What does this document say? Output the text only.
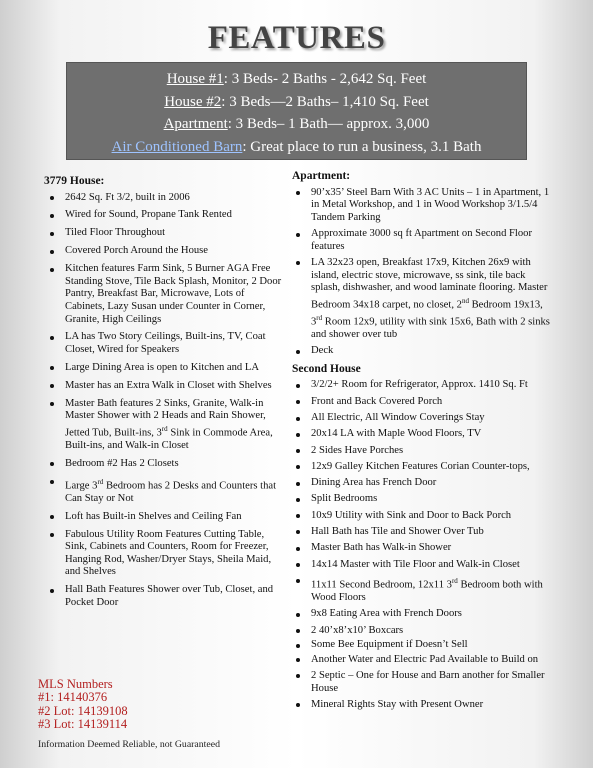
FEATURES
House #1: 3 Beds- 2 Baths - 2,642 Sq. Feet
House #2: 3 Beds—2 Baths– 1,410 Sq. Feet
Apartment: 3 Beds– 1 Bath— approx. 3,000
Air Conditioned Barn: Great place to run a business, 3.1 Bath
3779 House:
2642 Sq. Ft 3/2, built in 2006
Wired for Sound, Propane Tank Rented
Tiled Floor Throughout
Covered Porch Around the House
Kitchen features Farm Sink, 5 Burner AGA Free Standing Stove, Tile Back Splash, Monitor, 2 Door Pantry, Breakfast Bar, Microwave, Lots of Cabinets, Lazy Susan under Counter in Corner, Granite, High Ceilings
LA has Two Story Ceilings, Built-ins, TV, Coat Closet, Wired for Speakers
Large Dining Area is open to Kitchen and LA
Master has an Extra Walk in Closet with Shelves
Master Bath features 2 Sinks, Granite, Walk-in Master Shower with 2 Heads and Rain Shower, Jetted Tub, Built-ins, 3rd Sink in Commode Area, Built-ins, and Walk-in Closet
Bedroom #2 Has 2 Closets
Large 3rd Bedroom has 2 Desks and Counters that Can Stay or Not
Loft has Built-in Shelves and Ceiling Fan
Fabulous Utility Room Features Cutting Table, Sink, Cabinets and Counters, Room for Freezer, Hanging Rod, Washer/Dryer Stays, Sheila Maid, and Shelves
Hall Bath Features Shower over Tub, Closet, and Pocket Door
Apartment:
90’x35’ Steel Barn With 3 AC Units – 1 in Apartment, 1 in Metal Workshop, and 1 in Wood Workshop 3/1.5/4 Tandem Parking
Approximate 3000 sq ft Apartment on Second Floor features
LA 32x23 open, Breakfast 17x9, Kitchen 26x9 with island, electric stove, microwave, ss sink, tile back splash, dishwasher, and wood laminate flooring. Master Bedroom 34x18 carpet, no closet, 2nd Bedroom 19x13, 3rd Room 12x9, utility with sink 15x6, Bath with 2 sinks and shower over tub
Deck
Second House
3/2/2+ Room for Refrigerator, Approx. 1410 Sq. Ft
Front and Back Covered Porch
All Electric, All Window Coverings Stay
20x14 LA with Maple Wood Floors, TV
2 Sides Have Porches
12x9 Galley Kitchen Features Corian Counter-tops,
Dining Area has French Door
Split Bedrooms
10x9 Utility with Sink and Door to Back Porch
Hall Bath has Tile and Shower Over Tub
Master Bath has Walk-in Shower
14x14 Master with Tile Floor and Walk-in Closet
11x11 Second Bedroom, 12x11 3rd Bedroom both with Wood Floors
9x8 Eating Area with French Doors
2 40’x8’x10’ Boxcars
Some Bee Equipment if Doesn’t Sell
Another Water and Electric Pad Available to Build on
2 Septic – One for House and Barn another for Smaller House
Mineral Rights Stay with Present Owner
MLS Numbers
#1: 14140376
#2 Lot: 14139108
#3 Lot: 14139114
Information Deemed Reliable, not Guaranteed
